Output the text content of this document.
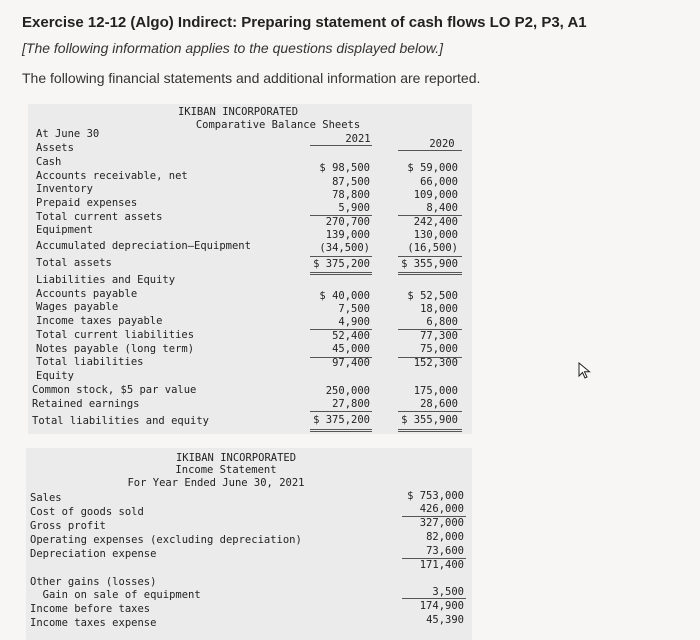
Exercise 12-12 (Algo) Indirect: Preparing statement of cash flows LO P2, P3, A1
[The following information applies to the questions displayed below.]
The following financial statements and additional information are reported.
IKIBAN INCORPORATED
Comparative Balance Sheets
At June 30	2021	2020
Assets
Cash	$ 98,500	$ 59,000
Accounts receivable, net	87,500	66,000
Inventory	78,800	109,000
Prepaid expenses	5,900	8,400
Total current assets	270,700	242,400
Equipment	139,000	130,000
Accumulated depreciation—Equipment	(34,500)	(16,500)
Total assets	$ 375,200	$ 355,900
Liabilities and Equity
Accounts payable	$ 40,000	$ 52,500
Wages payable	7,500	18,000
Income taxes payable	4,900	6,800
Total current liabilities	52,400	77,300
Notes payable (long term)	45,000	75,000
Total liabilities	97,400	152,300
Equity
Common stock, $5 par value	250,000	175,000
Retained earnings	27,800	28,600
Total liabilities and equity	$ 375,200	$ 355,900
IKIBAN INCORPORATED
Income Statement
For Year Ended June 30, 2021
Sales	$ 753,000
Cost of goods sold	426,000
Gross profit	327,000
Operating expenses (excluding depreciation)	82,000
Depreciation expense	73,600
171,400
Other gains (losses)
Gain on sale of equipment	3,500
Income before taxes	174,900
Income taxes expense	45,390
